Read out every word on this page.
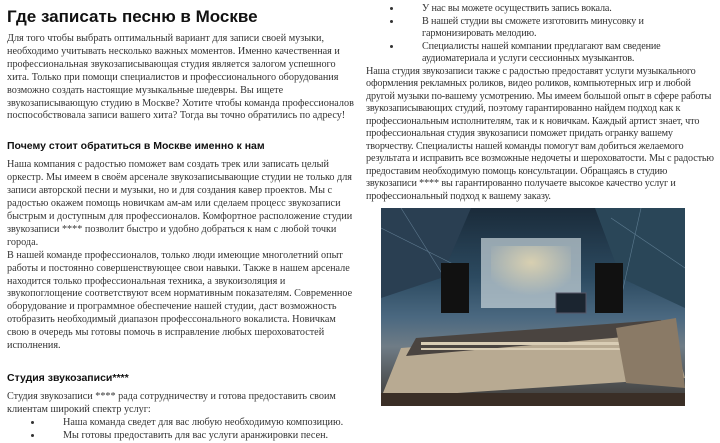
Где записать песню в Москве

Для того чтобы выбрать оптимальный вариант для записи своей музыки, необходимо учитывать несколько важных моментов. Именно качественная и профессиональная звукозаписывающая студия является залогом успешного хита. Только при помощи специалистов и профессионального оборудования возможно создать настоящие музыкальные шедевры. Вы ищете звукозаписывающую студию в Москве? Хотите чтобы команда профессионалов поспособствовала записи вашего хита? Тогда вы точно обратились по адресу!

Почему стоит обратиться в Москве именно к нам

Наша компания с радостью поможет вам создать трек или записать целый оркестр. Мы имеем в своём арсенале звукозаписывающие студии не только для записи авторской песни и музыки, но и для создания кавер проектов. Мы с радостью окажем помощь новичкам ам-ам или сделаем процесс звукозаписи быстрым и доступным для профессионалов. Комфортное расположение студии звукозаписи **** позволит быстро и удобно добраться к нам с любой точки города.

В нашей команде профессионалов, только люди имеющие многолетний опыт работы и постоянно совершенствующее свои навыки. Также в нашем арсенале находится только профессиональная техника, а звукоизоляция и звукопоглощение соответствуют всем нормативным показателям. Современное оборудование и программное обеспечение нашей студии, даст возможность отобразить необходимый диапазон профессонального вокалиста. Новичкам свою в очередь мы готовы помочь в исправление любых шероховатостей исполнения.

Студия звукозаписи****

Студия звукозаписи **** рада сотрудничеству и готова предоставить своим клиентам широкий спектр услуг:

• Наша команда сведет для вас любую необходимую композицию.
• Мы готовы предоставить для вас услуги аранжировки песен.
• У нас вы можете осуществить запись вокала.
• В нашей студии вы сможете изготовить минусовку и гармонизировать мелодию.
• Специалисты нашей компании предлагают вам сведение аудиоматериала и услуги сессионных музыкантов.

Наша студия звукозаписи также с радостью предоставят услуги музыкального оформления рекламных роликов, видео роликов, компьютерных игр и любой другой музыки по-вашему усмотрению. Мы имеем большой опыт в сфере работы звукозаписывающих студий, поэтому гарантированно найдем подход как к профессиональным исполнителям, так и к новичкам. Каждый артист знает, что профессиональная студия звукозаписи поможет придать огранку вашему творчеству. Специалисты нашей команды помогут вам добиться желаемого результата и исправить все возможные недочеты и шероховатости. Мы с радостью предоставим необходимую помощь консультации. Обращаясь в студию звукозаписи **** вы гарантированно получаете высокое качество услуг и профессиональный подход к вашему заказу.
